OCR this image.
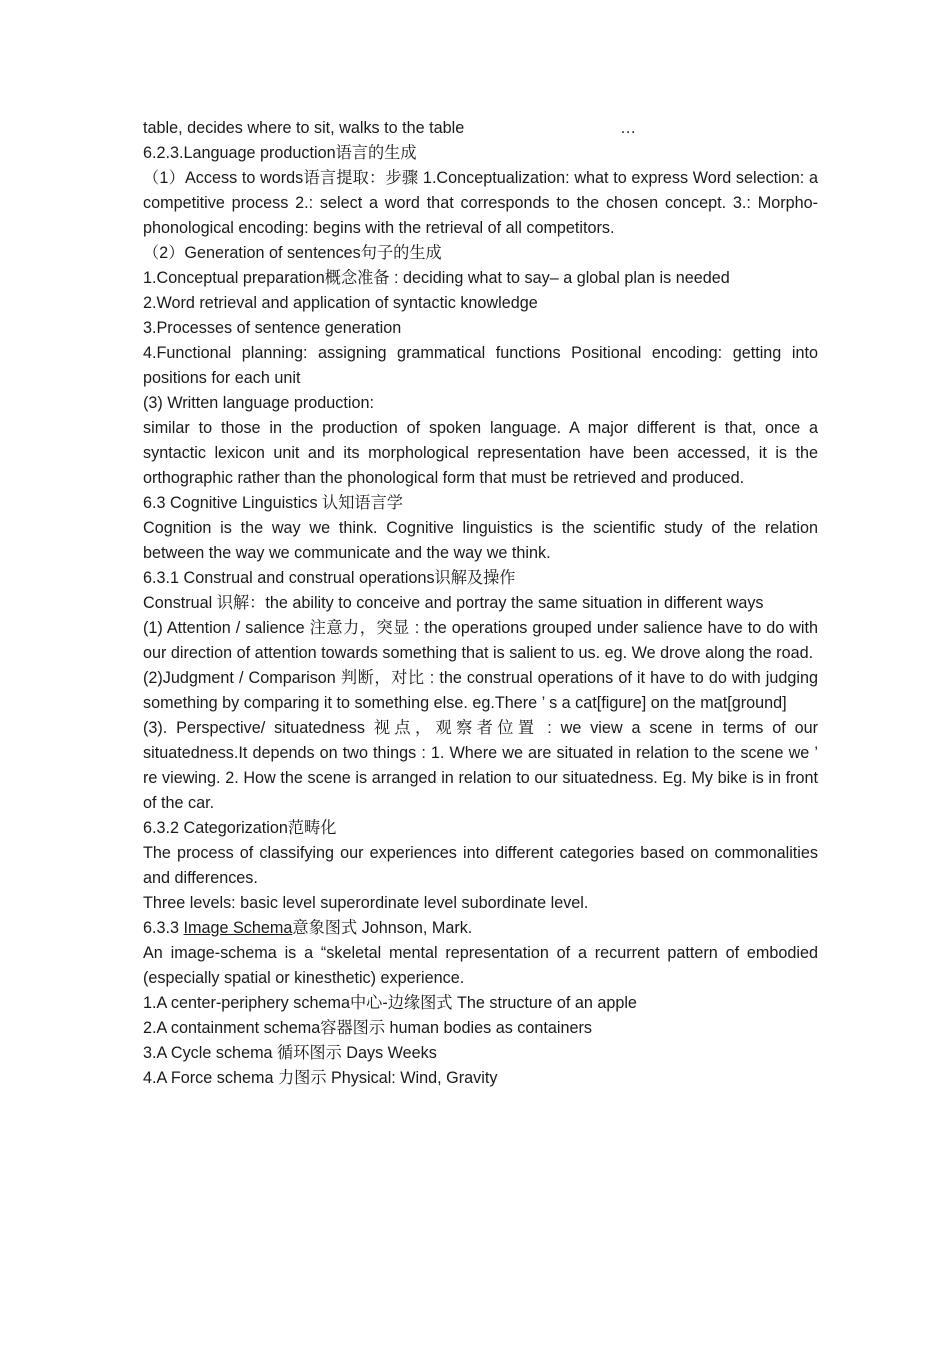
table, decides where to sit, walks to the table	…
6.2.3.Language production语言的生成
（1）Access to words语言提取：步骤 1.Conceptualization: what to express Word selection: a competitive process 2.: select a word that corresponds to the chosen concept. 3.: Morpho-phonological encoding: begins with the retrieval of all competitors.
（2）Generation of sentences句子的生成
1.Conceptual preparation概念准备 : deciding what to say– a global plan is needed
2.Word retrieval and application of syntactic knowledge
3.Processes of sentence generation
4.Functional planning: assigning grammatical functions Positional encoding: getting into positions for each unit
(3) Written language production:
similar to those in the production of spoken language. A major different is that, once a syntactic lexicon unit and its morphological representation have been accessed, it is the orthographic rather than the phonological form that must be retrieved and produced.
6.3 Cognitive Linguistics 认知语言学
Cognition is the way we think. Cognitive linguistics is the scientific study of the relation between the way we communicate and the way we think.
6.3.1 Construal and construal operations识解及操作
Construal 识解：the ability to conceive and portray the same situation in different ways
(1) Attention / salience 注意力，突显 : the operations grouped under salience have to do with our direction of attention towards something that is salient to us. eg. We drove along the road.
(2)Judgment / Comparison 判断，对比 : the construal operations of it have to do with judging something by comparing it to something else. eg.There ’ s a cat[figure] on the mat[ground]
(3). Perspective/ situatedness 视点，观察者位置 : we view a scene in terms of our situatedness.It depends on two things : 1. Where we are situated in relation to the scene we ’ re viewing. 2. How the scene is arranged in relation to our situatedness. Eg. My bike is in front of the car.
6.3.2 Categorization范畴化
The process of classifying our experiences into different categories based on commonalities and differences.
Three levels: basic level superordinate level subordinate level.
6.3.3 Image Schema意象图式 Johnson, Mark.
An image-schema is a “skeletal mental representation of a recurrent pattern of embodied (especially spatial or kinesthetic) experience.
1.A center-periphery schema中心-边缘图式 The structure of an apple
2.A containment schema容器图示 human bodies as containers
3.A Cycle schema 循环图示 Days Weeks
4.A Force schema 力图示 Physical: Wind, Gravity
